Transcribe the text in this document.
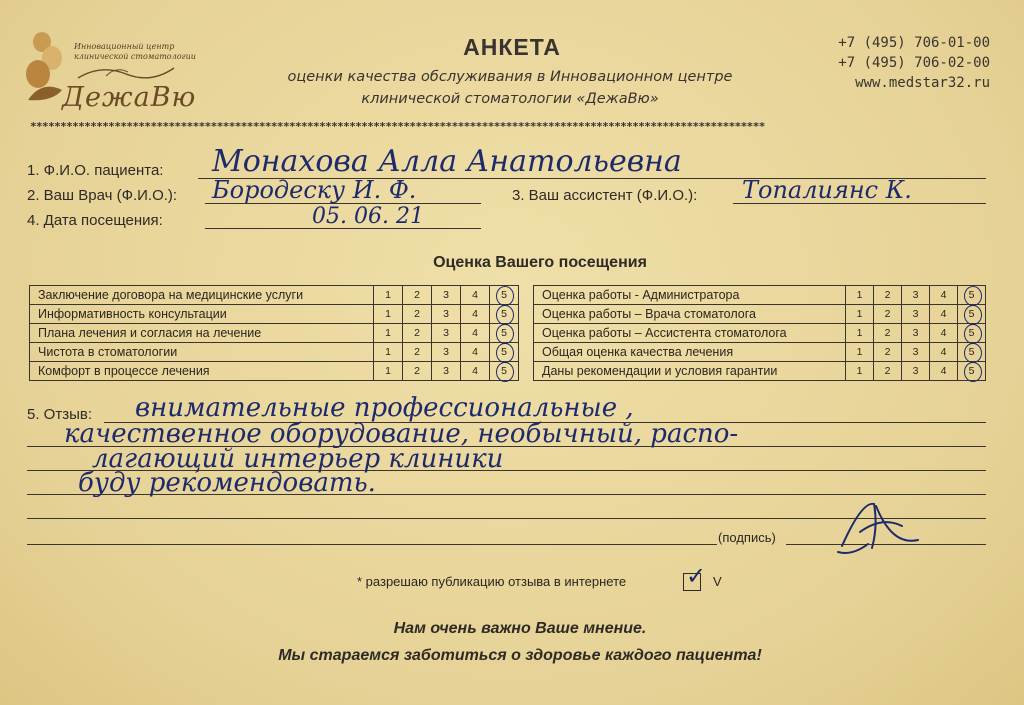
Инновационный центр
клинической стоматологии
ДежаВю
АНКЕТА
оценки качества обслуживания в Инновационном центре
клинической стоматологии «ДежаВю»
+7 (495) 706-01-00
+7 (495) 706-02-00
www.medstar32.ru
**************************************************************************************************************************
1. Ф.И.О. пациента: Монахова Алла Анатольевна
2. Ваш Врач (Ф.И.О.): Бородеску И. Ф.	3. Ваш ассистент (Ф.И.О.): Топалиянс К.
4. Дата посещения:	05. 06. 21
Оценка Вашего посещения
Заключение договора на медицинские услуги	1	2	3	4	5
Информативность консультации	1	2	3	4	5
Плана лечения и согласия на лечение	1	2	3	4	5
Чистота в стоматологии	1	2	3	4	5
Комфорт в процессе лечения	1	2	3	4	5
Оценка работы - Администратора	1	2	3	4	5
Оценка работы – Врача стоматолога	1	2	3	4	5
Оценка работы – Ассистента стоматолога	1	2	3	4	5
Общая оценка качества лечения	1	2	3	4	5
Даны рекомендации и условия гарантии	1	2	3	4	5
5. Отзыв: внимательные профессиональные ,
качественное оборудование, необычный, распо-
лагающий интерьер клиники
буду рекомендовать.
(подпись)
* разрешаю публикацию отзыва в интернете ✓ V
Нам очень важно Ваше мнение.
Мы стараемся заботиться о здоровье каждого пациента!
